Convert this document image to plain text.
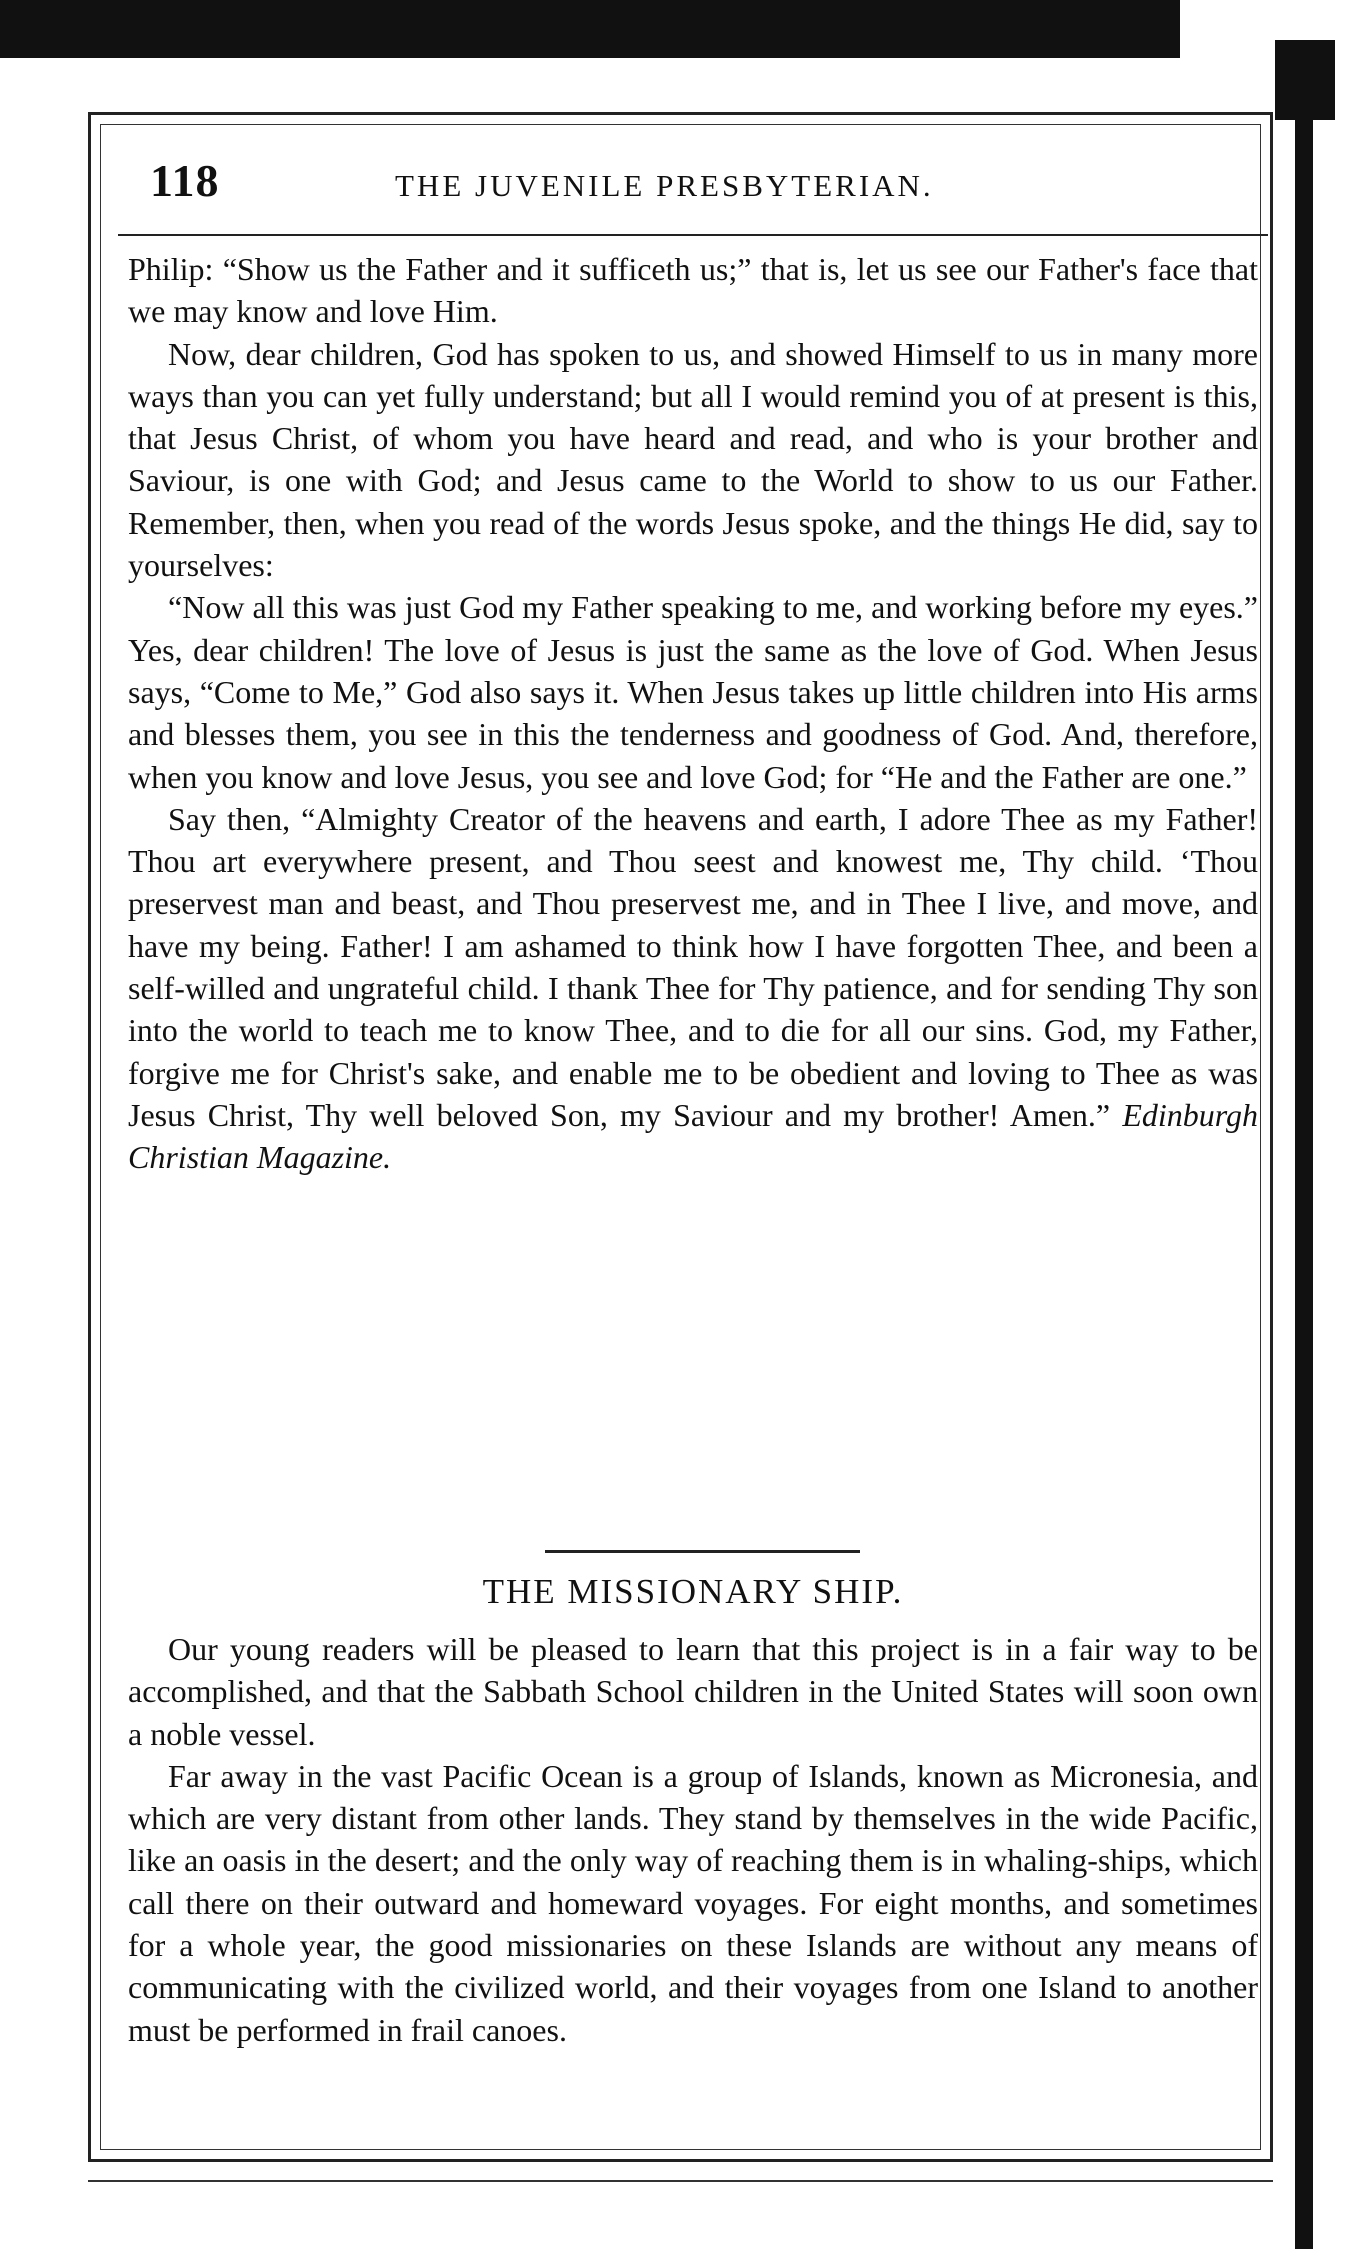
118	THE JUVENILE PRESBYTERIAN.

Philip: “Show us the Father and it sufficeth us;” that is, let us see our Father's face that we may know and love Him.

Now, dear children, God has spoken to us, and showed Himself to us in many more ways than you can yet fully understand; but all I would remind you of at present is this, that Jesus Christ, of whom you have heard and read, and who is your brother and Saviour, is one with God; and Jesus came to the World to show to us our Father. Remember, then, when you read of the words Jesus spoke, and the things He did, say to yourselves:

“Now all this was just God my Father speaking to me, and working before my eyes.” Yes, dear children! The love of Jesus is just the same as the love of God. When Jesus says, “Come to Me,” God also says it. When Jesus takes up little children into His arms and blesses them, you see in this the tenderness and goodness of God. And, therefore, when you know and love Jesus, you see and love God; for “He and the Father are one.”

Say then, “Almighty Creator of the heavens and earth, I adore Thee as my Father! Thou art everywhere present, and Thou seest and knowest me, Thy child. ‘Thou preservest man and beast, and Thou preservest me, and in Thee I live, and move, and have my being. Father! I am ashamed to think how I have forgotten Thee, and been a self-willed and ungrateful child. I thank Thee for Thy patience, and for sending Thy son into the world to teach me to know Thee, and to die for all our sins. God, my Father, forgive me for Christ's sake, and enable me to be obedient and loving to Thee as was Jesus Christ, Thy well beloved Son, my Saviour and my brother! Amen.” Edinburgh Christian Magazine.

THE MISSIONARY SHIP.

Our young readers will be pleased to learn that this project is in a fair way to be accomplished, and that the Sabbath School children in the United States will soon own a noble vessel.

Far away in the vast Pacific Ocean is a group of Islands, known as Micronesia, and which are very distant from other lands. They stand by themselves in the wide Pacific, like an oasis in the desert; and the only way of reaching them is in whaling-ships, which call there on their outward and homeward voyages. For eight months, and sometimes for a whole year, the good missionaries on these Islands are without any means of communicating with the civilized world, and their voyages from one Island to another must be performed in frail canoes.
